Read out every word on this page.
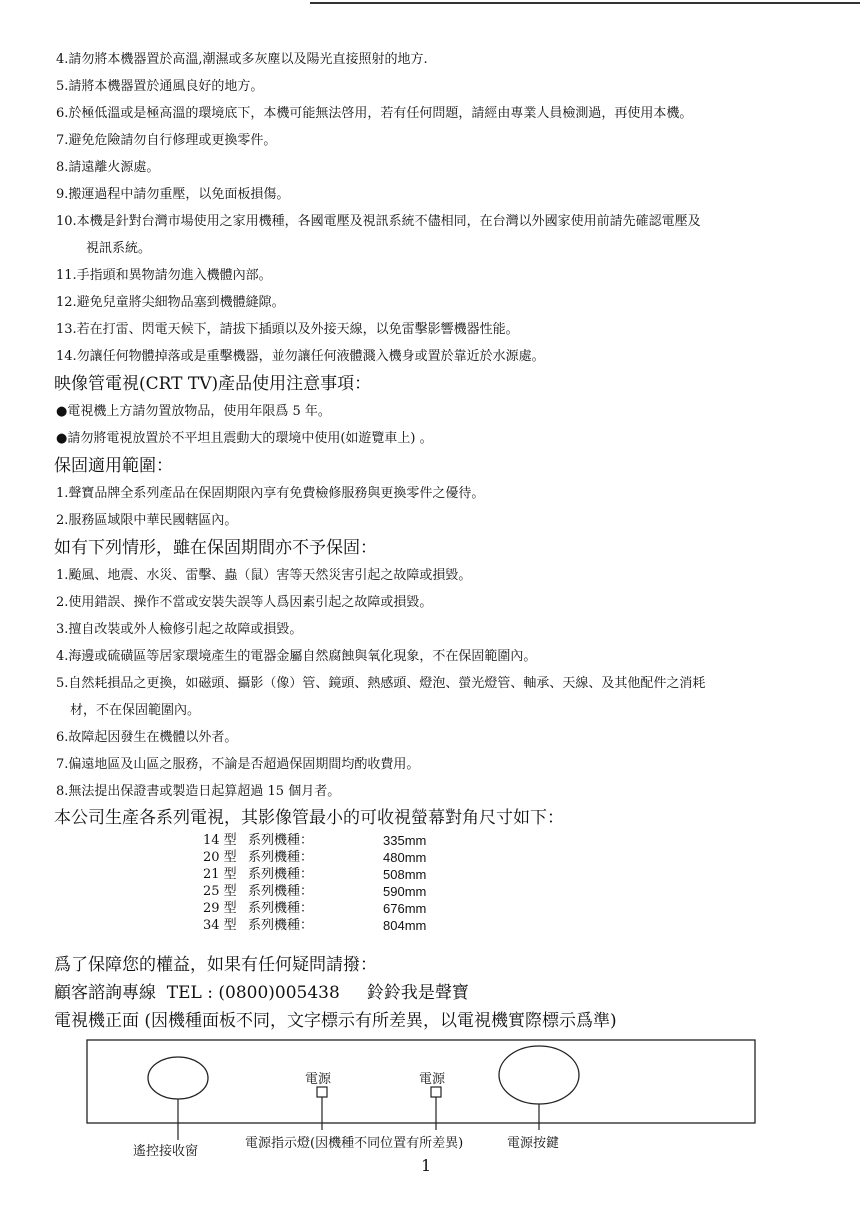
4.請勿將本機器置於高溫,潮濕或多灰塵以及陽光直接照射的地方.
5.請將本機器置於通風良好的地方。
6.於極低溫或是極高溫的環境底下，本機可能無法啓用，若有任何問題，請經由專業人員檢測過，再使用本機。
7.避免危險請勿自行修理或更換零件。
8.請遠離火源處。
9.搬運過程中請勿重壓，以免面板損傷。
10.本機是針對台灣市場使用之家用機種，各國電壓及視訊系統不儘相同，在台灣以外國家使用前請先確認電壓及
視訊系統。
11.手指頭和異物請勿進入機體內部。
12.避免兒童將尖細物品塞到機體縫隙。
13.若在打雷、閃電天候下，請拔下插頭以及外接天線，以免雷擊影響機器性能。
14.勿讓任何物體掉落或是重擊機器，並勿讓任何液體濺入機身或置於靠近於水源處。
映像管電視(CRT TV)產品使用注意事項：
●電視機上方請勿置放物品，使用年限爲 5 年。
●請勿將電視放置於不平坦且震動大的環境中使用(如遊覽車上) 。
保固適用範圍：
1.聲寶品牌全系列產品在保固期限內享有免費檢修服務與更換零件之優待。
2.服務區域限中華民國轄區內。
如有下列情形，雖在保固期間亦不予保固：
1.颱風、地震、水災、雷擊、蟲（鼠）害等天然災害引起之故障或損毀。
2.使用錯誤、操作不當或安裝失誤等人爲因素引起之故障或損毀。
3.擅自改裝或外人檢修引起之故障或損毀。
4.海邊或硫磺區等居家環境產生的電器金屬自然腐蝕與氧化現象，不在保固範圍內。
5.自然耗損品之更換，如磁頭、攝影（像）管、鏡頭、熱感頭、燈泡、螢光燈管、軸承、天線、及其他配件之消耗
材，不在保固範圍內。
6.故障起因發生在機體以外者。
7.偏遠地區及山區之服務，不論是否超過保固期間均酌收費用。
8.無法提出保證書或製造日起算超過 15 個月者。
本公司生產各系列電視，其影像管最小的可收視螢幕對角尺寸如下：
14 型 系列機種：	335mm
20 型 系列機種：	480mm
21 型 系列機種：	508mm
25 型 系列機種：	590mm
29 型 系列機種：	676mm
34 型 系列機種：	804mm
爲了保障您的權益，如果有任何疑問請撥：
顧客諮詢專線  TEL : (0800)005438     鈴鈴我是聲寶
電視機正面 (因機種面板不同，文字標示有所差異，以電視機實際標示爲準)
電源	電源
遙控接收窗
電源指示燈(因機種不同位置有所差異)	電源按鍵
1
